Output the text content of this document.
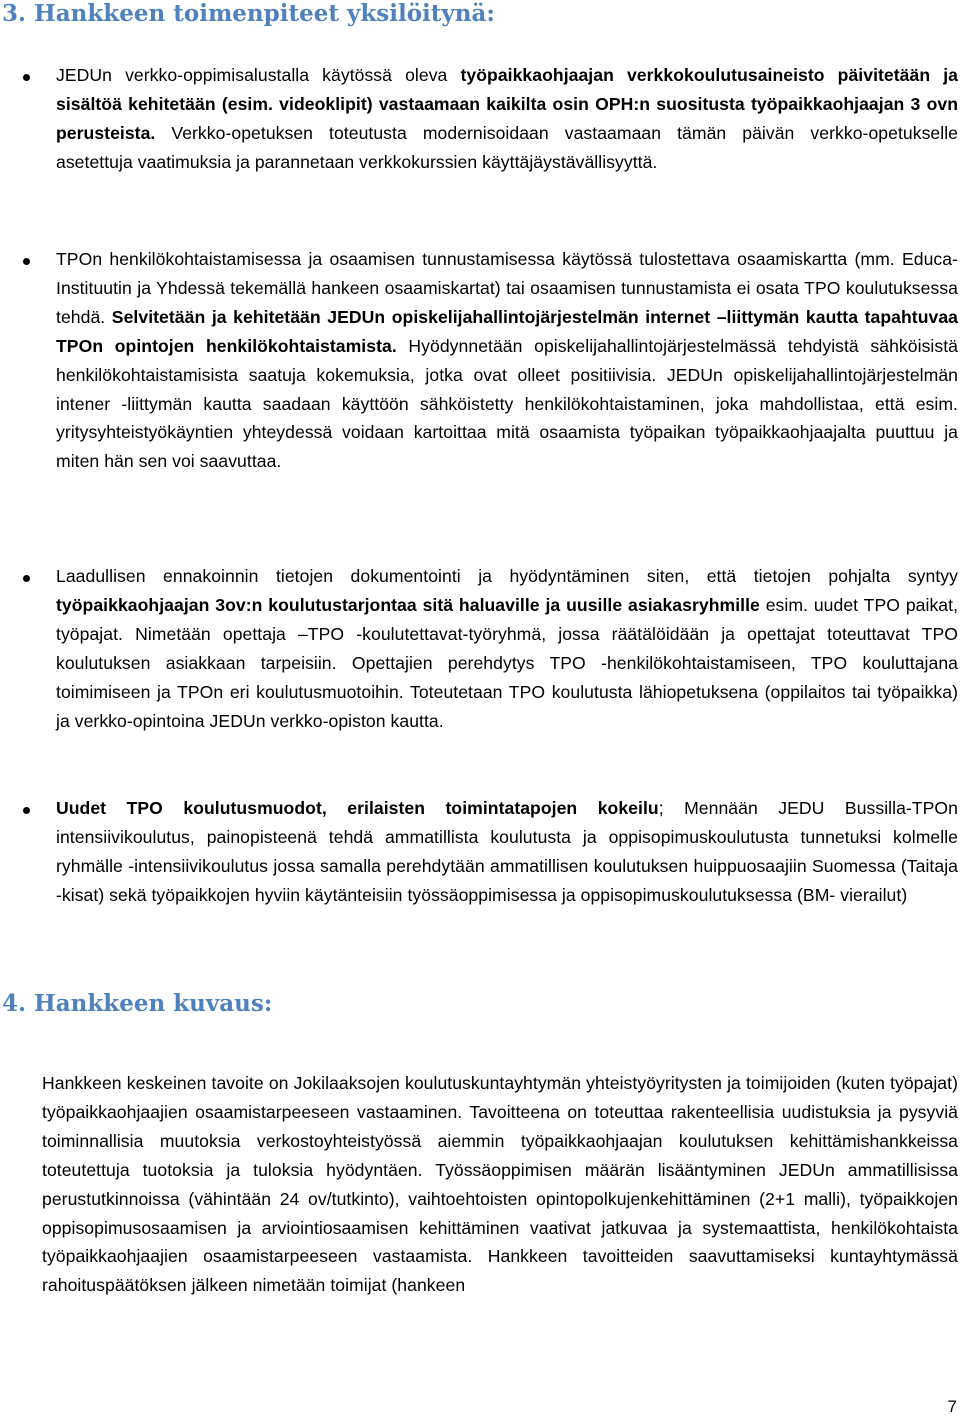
3. Hankkeen toimenpiteet yksilöitynä:

JEDUn verkko-oppimisalustalla käytössä oleva työpaikkaohjaajan verkkokoulutusaineisto päivitetään ja sisältöä kehitetään (esim. videoklipit) vastaamaan kaikilta osin OPH:n suositusta työpaikkaohjaajan 3 ovn perusteista. Verkko-opetuksen toteutusta modernisoidaan vastaamaan tämän päivän verkko-opetukselle asetettuja vaatimuksia ja parannetaan verkkokurssien käyttäjäystävällisyyttä.

TPOn henkilökohtaistamisessa ja osaamisen tunnustamisessa käytössä tulostettava osaamiskartta (mm. Educa-Instituutin ja Yhdessä tekemällä hankeen osaamiskartat) tai osaamisen tunnustamista ei osata TPO koulutuksessa tehdä. Selvitetään ja kehitetään JEDUn opiskelijahallintojärjestelmän internet –liittymän kautta tapahtuvaa TPOn opintojen henkilökohtaistamista. Hyödynnetään opiskelijahallintojärjestelmässä tehdyistä sähköisistä henkilökohtaistamisista saatuja kokemuksia, jotka ovat olleet positiivisia. JEDUn opiskelijahallintojärjestelmän intener -liittymän kautta saadaan käyttöön sähköistetty henkilökohtaistaminen, joka mahdollistaa, että esim. yritysyhteistyökäyntien yhteydessä voidaan kartoittaa mitä osaamista työpaikan työpaikkaohjaajalta puuttuu ja miten hän sen voi saavuttaa.

Laadullisen ennakoinnin tietojen dokumentointi ja hyödyntäminen siten, että tietojen pohjalta syntyy työpaikkaohjaajan 3ov:n koulutustarjontaa sitä haluaville ja uusille asiakasryhmille esim. uudet TPO paikat, työpajat. Nimetään opettaja –TPO -koulutettavat-työryhmä, jossa räätälöidään ja opettajat toteuttavat TPO koulutuksen asiakkaan tarpeisiin. Opettajien perehdytys TPO -henkilökohtaistamiseen, TPO kouluttajana toimimiseen ja TPOn eri koulutusmuotoihin. Toteutetaan TPO koulutusta lähiopetuksena (oppilaitos tai työpaikka) ja verkko-opintoina JEDUn verkko-opiston kautta.

Uudet TPO koulutusmuodot, erilaisten toimintatapojen kokeilu; Mennään JEDU Bussilla-TPOn intensiivikoulutus, painopisteenä tehdä ammatillista koulutusta ja oppisopimuskoulutusta tunnetuksi kolmelle ryhmälle -intensiivikoulutus jossa samalla perehdytään ammatillisen koulutuksen huippuosaajiin Suomessa (Taitaja -kisat) sekä työpaikkojen hyviin käytänteisiin työssäoppimisessa ja oppisopimuskoulutuksessa (BM- vierailut)

4. Hankkeen kuvaus:

Hankkeen keskeinen tavoite on Jokilaaksojen koulutuskuntayhtymän yhteistyöyritysten ja toimijoiden (kuten työpajat) työpaikkaohjaajien osaamistarpeeseen vastaaminen. Tavoitteena on toteuttaa rakenteellisia uudistuksia ja pysyviä toiminnallisia muutoksia verkostoyhteistyössä aiemmin työpaikkaohjaajan koulutuksen kehittämishankkeissa toteutettuja tuotoksia ja tuloksia hyödyntäen. Työssäoppimisen määrän lisääntyminen JEDUn ammatillisissa perustutkinnoissa (vähintään 24 ov/tutkinto), vaihtoehtoisten opintopolkujenkehittäminen (2+1 malli), työpaikkojen oppisopimusosaamisen ja arviointiosaamisen kehittäminen vaativat jatkuvaa ja systemaattista, henkilökohtaista työpaikkaohjaajien osaamistarpeeseen vastaamista. Hankkeen tavoitteiden saavuttamiseksi kuntayhtymässä rahoituspäätöksen jälkeen nimetään toimijat (hankeen

7
